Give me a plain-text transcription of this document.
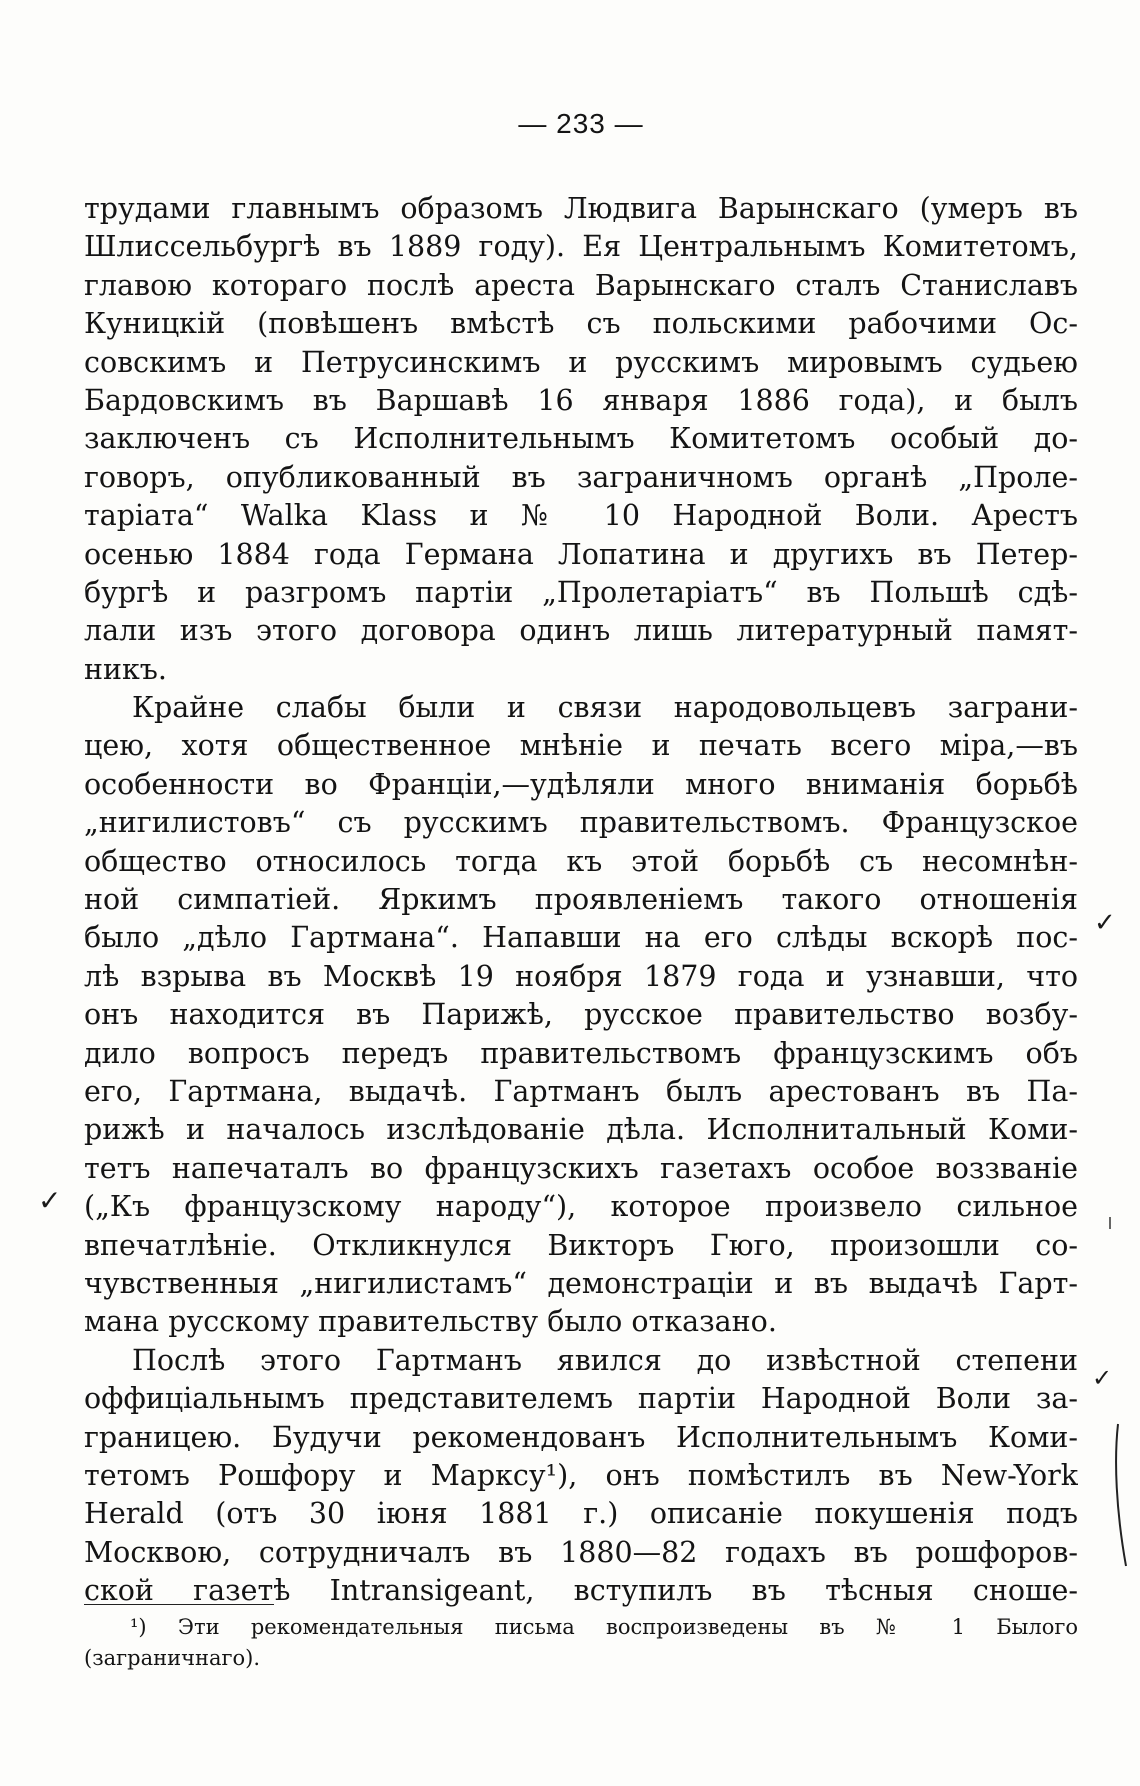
— 233 —
трудами главнымъ образомъ Людвига Варынскаго (умеръ въ
Шлиссельбургѣ въ 1889 году). Ея Центральнымъ Комитетомъ,
главою котораго послѣ ареста Варынскаго сталъ Станиславъ
Куницкій (повѣшенъ вмѣстѣ съ польскими рабочими Ос-
совскимъ и Петрусинскимъ и русскимъ мировымъ судьею
Бардовскимъ въ Варшавѣ 16 января 1886 года), и былъ
заключенъ съ Исполнительнымъ Комитетомъ особый до-
говоръ, опубликованный въ заграничномъ органѣ „Проле-
таріата“ Walka Klass и № 10 Народной Воли. Арестъ
осенью 1884 года Германа Лопатина и другихъ въ Петер-
бургѣ и разгромъ партіи „Пролетаріатъ“ въ Польшѣ сдѣ-
лали изъ этого договора одинъ лишь литературный памят-
никъ.
Крайне слабы были и связи народовольцевъ заграни-
цею, хотя общественное мнѣніе и печать всего міра,—въ
особенности во Франціи,—удѣляли много вниманія борьбѣ
„нигилистовъ“ съ русскимъ правительствомъ. Французское
общество относилось тогда къ этой борьбѣ съ несомнѣн-
ной симпатіей. Яркимъ проявленіемъ такого отношенія
было „дѣло Гартмана“. Напавши на его слѣды вскорѣ пос-
лѣ взрыва въ Москвѣ 19 ноября 1879 года и узнавши, что
онъ находится въ Парижѣ, русское правительство возбу-
дило вопросъ передъ правительствомъ французскимъ объ
его, Гартмана, выдачѣ. Гартманъ былъ арестованъ въ Па-
рижѣ и началось изслѣдованіе дѣла. Исполнитальный Коми-
тетъ напечаталъ во французскихъ газетахъ особое воззваніе
(„Къ французскому народу“), которое произвело сильное
впечатлѣніе. Откликнулся Викторъ Гюго, произошли со-
чувственныя „нигилистамъ“ демонстраціи и въ выдачѣ Гарт-
мана русскому правительству было отказано.
Послѣ этого Гартманъ явился до извѣстной степени
оффиціальнымъ представителемъ партіи Народной Воли за-
границею. Будучи рекомендованъ Исполнительнымъ Коми-
тетомъ Рошфору и Марксу¹), онъ помѣстилъ въ New-York
Herald (отъ 30 іюня 1881 г.) описаніе покушенія подъ
Москвою, сотрудничалъ въ 1880—82 годахъ въ рошфоров-
ской газетѣ Intransigeant, вступилъ въ тѣсныя сноше-
¹) Эти рекомендательныя письма воспроизведены въ № 1 Былого
(заграничнаго).
✓
✓
✓
